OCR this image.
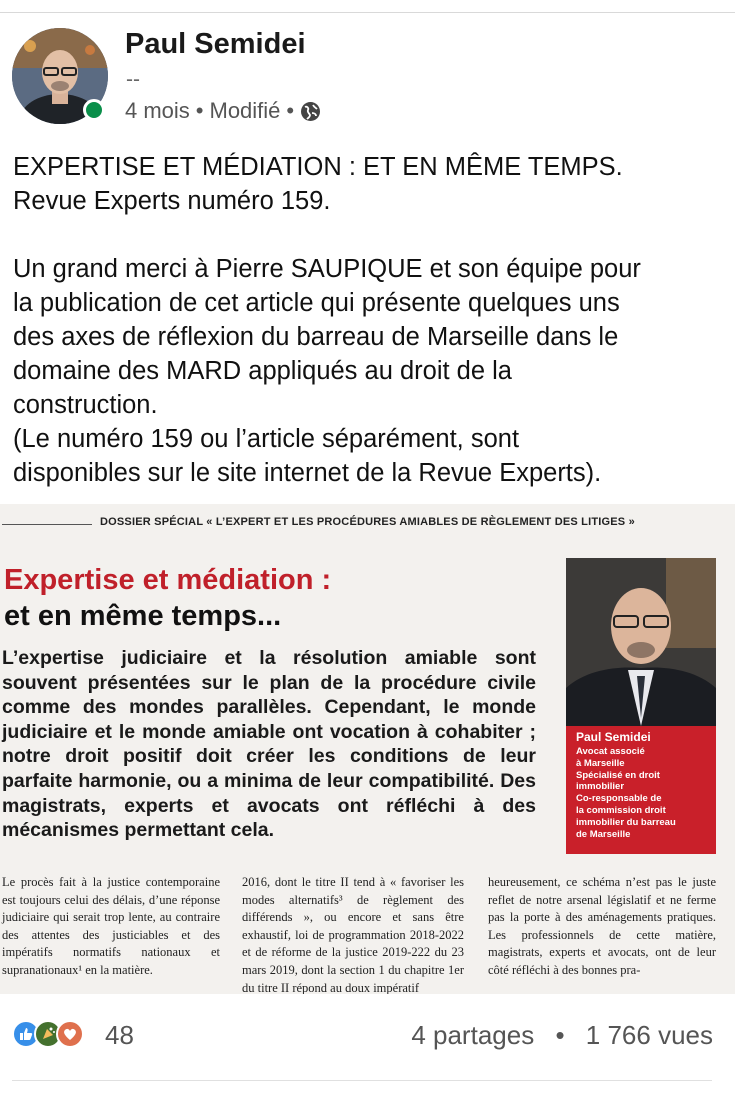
Paul Semidei
--
4 mois • Modifié •

EXPERTISE ET MÉDIATION : ET EN MÊME TEMPS.

Revue Experts numéro 159.

Un grand merci à Pierre SAUPIQUE et son équipe pour

la publication de cet article qui présente quelques uns

des axes de réflexion du barreau de Marseille dans le

domaine des MARD appliqués au droit de la

construction.

(Le numéro 159 ou l’article séparément, sont

disponibles sur le site internet de la Revue Experts).

DOSSIER SPÉCIAL « L’EXPERT ET LES PROCÉDURES AMIABLES DE RÈGLEMENT DES LITIGES »
Expertise et médiation :
et en même temps...
L’expertise judiciaire et la résolution amiable sont souvent présentées sur le plan de la procédure civile comme des mondes parallèles. Cependant, le monde judiciaire et le monde amiable ont vocation à cohabiter ; notre droit positif doit créer les conditions de leur parfaite harmonie, ou a minima de leur compatibilité. Des magistrats, experts et avocats ont réfléchi à des mécanismes permettant cela.
Paul Semidei
Avocat associé
à Marseille
Spécialisé en droit
immobilier
Co-responsable de
la commission droit
immobilier du barreau
de Marseille
Le procès fait à la justice contemporaine est toujours celui des délais, d’une réponse judiciaire qui serait trop lente, au contraire des attentes des justiciables et des impératifs normatifs nationaux et supranationaux¹ en la matière.
2016, dont le titre II tend à « favoriser les modes alternatifs³ de règlement des différends », ou encore et sans être exhaustif, loi de programmation 2018-2022 et de réforme de la justice 2019-222 du 23 mars 2019, dont la section 1 du chapitre 1er du titre II répond au doux impératif
heureusement, ce schéma n’est pas le juste reflet de notre arsenal législatif et ne ferme pas la porte à des aménagements pratiques. Les professionnels de cette matière, magistrats, experts et avocats, ont de leur côté réfléchi à des bonnes pra-
48	4 partages • 1 766 vues
